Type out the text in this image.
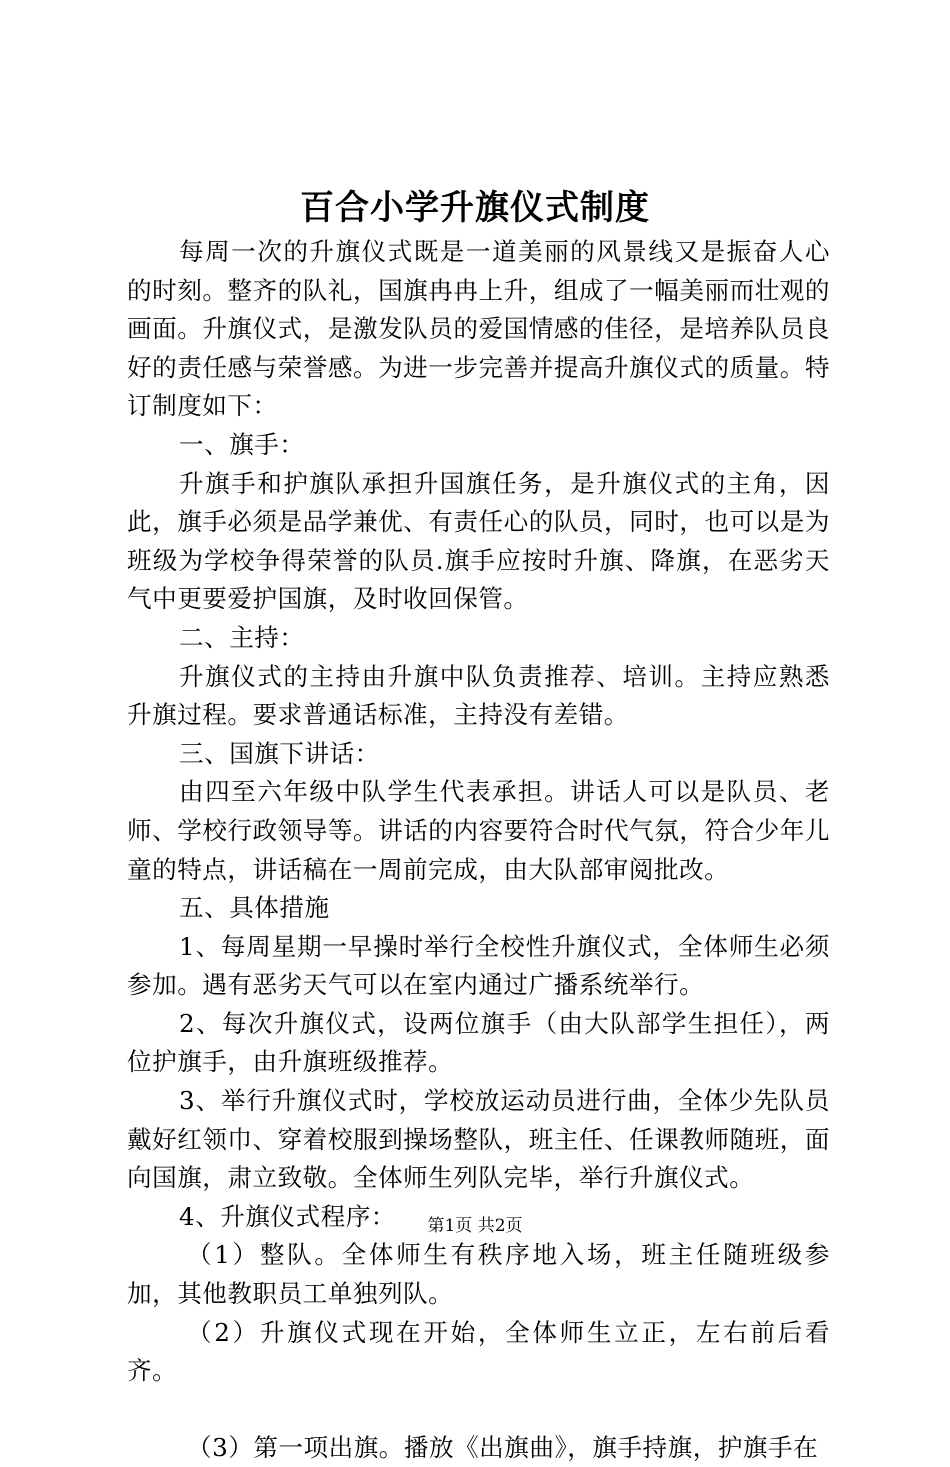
百合小学升旗仪式制度

每周一次的升旗仪式既是一道美丽的风景线又是振奋人心的时刻。整齐的队礼，国旗冉冉上升，组成了一幅美丽而壮观的画面。升旗仪式，是激发队员的爱国情感的佳径，是培养队员良好的责任感与荣誉感。为进一步完善并提高升旗仪式的质量。特订制度如下：

一、旗手：

升旗手和护旗队承担升国旗任务，是升旗仪式的主角，因此，旗手必须是品学兼优、有责任心的队员，同时，也可以是为班级为学校争得荣誉的队员.旗手应按时升旗、降旗，在恶劣天气中更要爱护国旗，及时收回保管。

二、主持：

升旗仪式的主持由升旗中队负责推荐、培训。主持应熟悉升旗过程。要求普通话标准，主持没有差错。

三、国旗下讲话：

由四至六年级中队学生代表承担。讲话人可以是队员、老师、学校行政领导等。讲话的内容要符合时代气氛，符合少年儿童的特点，讲话稿在一周前完成，由大队部审阅批改。

五、具体措施

1、每周星期一早操时举行全校性升旗仪式，全体师生必须参加。遇有恶劣天气可以在室内通过广播系统举行。

2、每次升旗仪式，设两位旗手（由大队部学生担任），两位护旗手，由升旗班级推荐。

3、举行升旗仪式时，学校放运动员进行曲，全体少先队员戴好红领巾、穿着校服到操场整队，班主任、任课教师随班，面向国旗，肃立致敬。全体师生列队完毕，举行升旗仪式。

4、升旗仪式程序：

（1）整队。全体师生有秩序地入场，班主任随班级参加，其他教职员工单独列队。

（2）升旗仪式现在开始，全体师生立正，左右前后看齐。

（3）第一项出旗。播放《出旗曲》，旗手持旗，护旗手在

第1页 共2页
